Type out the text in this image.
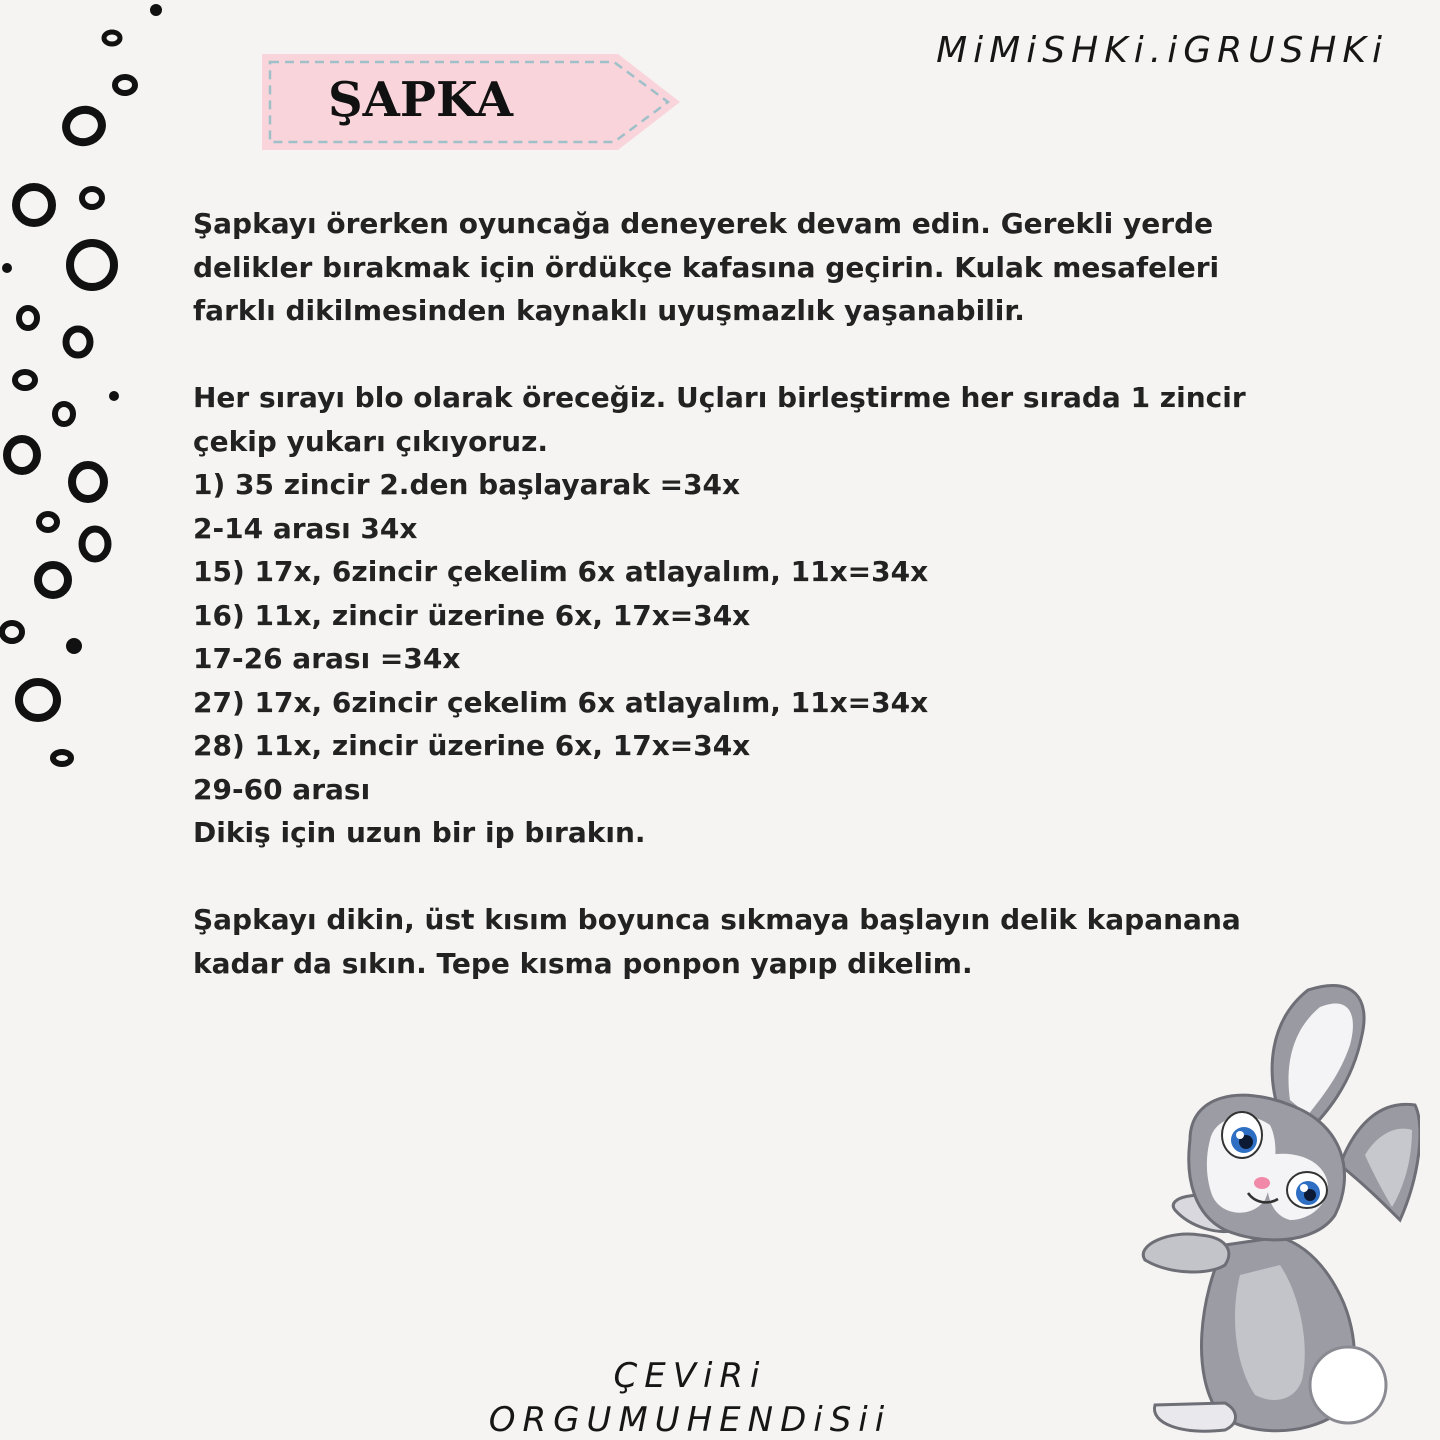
MiMiSHKi.iGRUSHKi
ŞAPKA
Şapkayı örerken oyuncağa deneyerek devam edin. Gerekli yerde
delikler bırakmak için ördükçe kafasına geçirin. Kulak mesafeleri
farklı dikilmesinden kaynaklı uyuşmazlık yaşanabilir.
Her sırayı blo olarak öreceğiz. Uçları birleştirme her sırada 1 zincir
çekip yukarı çıkıyoruz.
1) 35 zincir 2.den başlayarak =34x
2-14 arası 34x
15) 17x, 6zincir çekelim 6x atlayalım, 11x=34x
16) 11x, zincir üzerine 6x, 17x=34x
17-26 arası =34x
27) 17x, 6zincir çekelim 6x atlayalım, 11x=34x
28) 11x, zincir üzerine 6x, 17x=34x
29-60 arası
Dikiş için uzun bir ip bırakın.
Şapkayı dikin, üst kısım boyunca sıkmaya başlayın delik kapanana
kadar da sıkın. Tepe kısma ponpon yapıp dikelim.
ÇEViRi
ORGUMUHENDiSii
